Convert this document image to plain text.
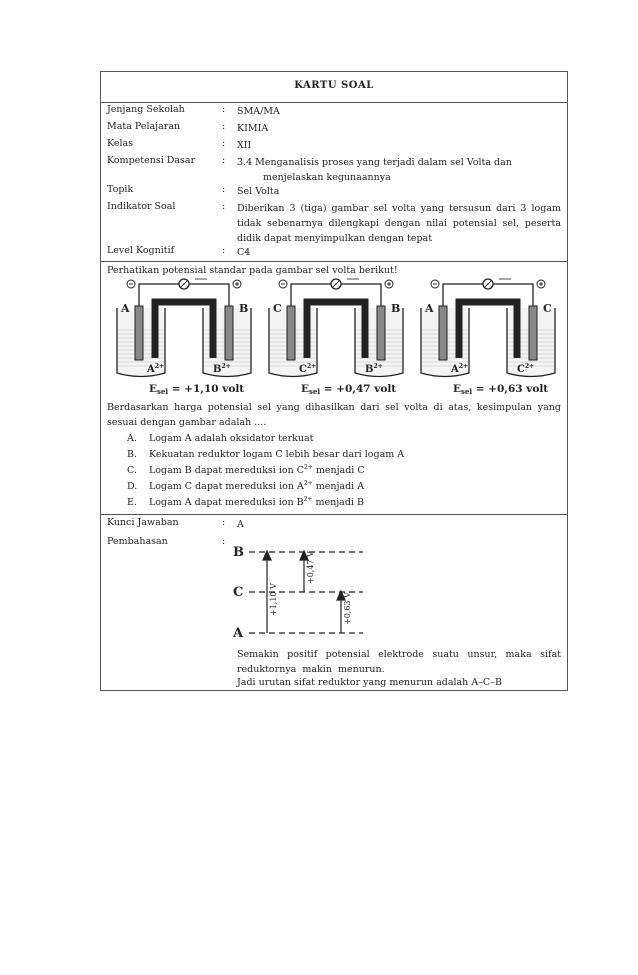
KARTU SOAL
Jenjang Sekolah	: SMA/MA
Mata Pelajaran	: KIMIA
Kelas	: XII
Kompetensi Dasar	: 3.4 Menganalisis proses yang terjadi dalam sel Volta dan menjelaskan kegunaannya
Topik	: Sel Volta
Indikator Soal	: Diberikan 3 (tiga) gambar sel volta yang tersusun dari 3 logam tidak sebenarnya dilengkapi dengan nilai potensial sel, peserta didik dapat menyimpulkan dengan tepat
Level Kognitif	: C4
Perhatikan potensial standar pada gambar sel volta berikut!
A	B
$A^{2+}$	$B^{2+}$
Esel = +1,10 volt
C	B
$C^{2+}$	$B^{2+}$
Esel = +0,47 volt
A	C
$A^{2+}$	$C^{2+}$
Esel = +0,63 volt
Berdasarkan harga potensial sel yang dihasilkan dari sel volta di atas, kesimpulan yang sesuai dengan gambar adalah ....
A. Logam A adalah oksidator terkuat
B. Kekuatan reduktor logam C lebih besar dari logam A
C. Logam B dapat mereduksi ion $C^{2+}$ menjadi C
D. Logam C dapat mereduksi ion $A^{2+}$ menjadi A
E. Logam A dapat mereduksi ion $B^{2+}$ menjadi B
Kunci Jawaban	: A
Pembahasan	:
B
C
A
+1,10 V
+0,47 V
+0,63 V
Semakin positif potensial elektrode suatu unsur, maka sifat reduktornya makin menurun.
Jadi urutan sifat reduktor yang menurun adalah A–C–B
